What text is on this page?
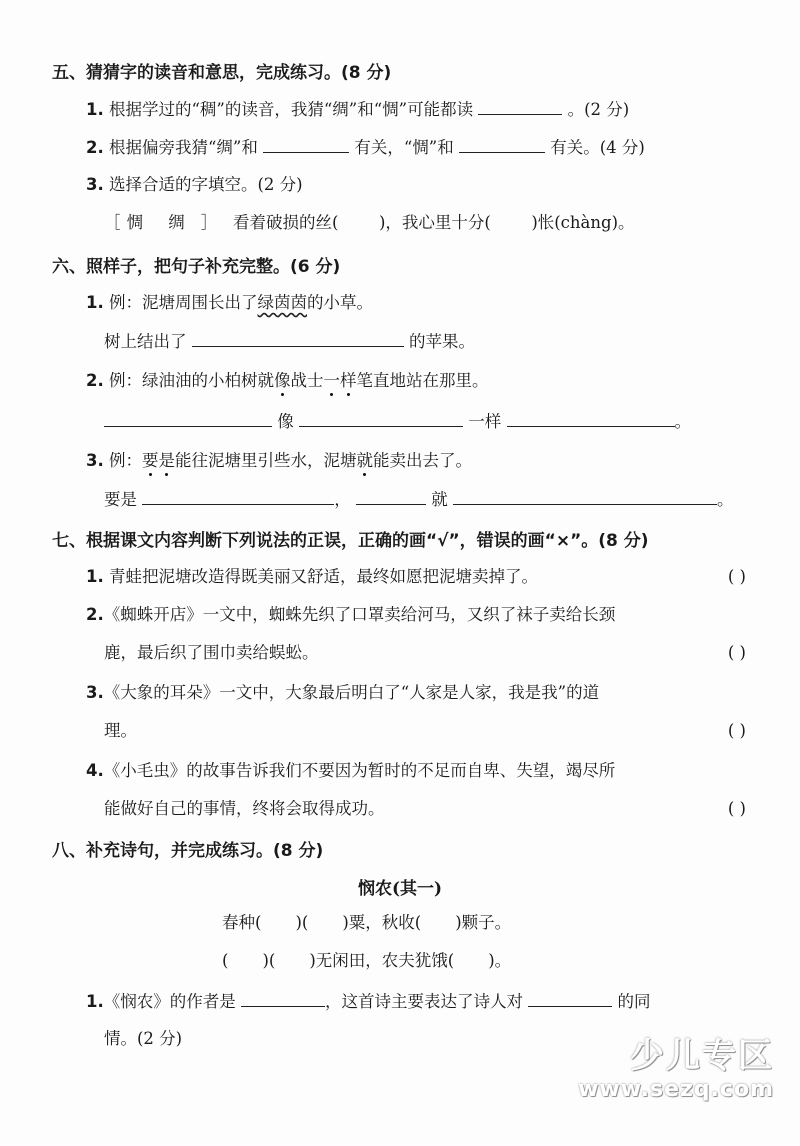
五、猜猜字的读音和意思，完成练习。(8 分)
1. 根据学过的“稠”的读音，我猜“绸”和“惆”可能都读	。(2 分)
2. 根据偏旁我猜“绸”和	有关，“惆”和	有关。(4 分)
3. 选择合适的字填空。(2 分)
［ 惆 绸 ］ 看着破损的丝( )，我心里十分( )怅(chàng)。
六、照样子，把句子补充完整。(6 分)
1. 例：泥塘周围长出了绿茵茵的小草。
树上结出了	的苹果。
2. 例：绿油油的小柏树就像战士一样笔直地站在那里。
像	一样	。
3. 例：要是能往泥塘里引些水，泥塘就能卖出去了。
要是	，	就	。
七、根据课文内容判断下列说法的正误，正确的画“√”，错误的画“×”。(8 分)
1. 青蛙把泥塘改造得既美丽又舒适，最终如愿把泥塘卖掉了。	( )
2.《蜘蛛开店》一文中，蜘蛛先织了口罩卖给河马，又织了袜子卖给长颈
鹿，最后织了围巾卖给蜈蚣。	( )
3.《大象的耳朵》一文中，大象最后明白了“人家是人家，我是我”的道
理。	( )
4.《小毛虫》的故事告诉我们不要因为暂时的不足而自卑、失望，竭尽所
能做好自己的事情，终将会取得成功。	( )
八、补充诗句，并完成练习。(8 分)
悯农(其一)
春种( )( )粟，秋收( )颗子。
( )( )无闲田，农夫犹饿( )。
1.《悯农》的作者是	，这首诗主要表达了诗人对	的同
情。(2 分)	少儿专区
www.sezq.com
